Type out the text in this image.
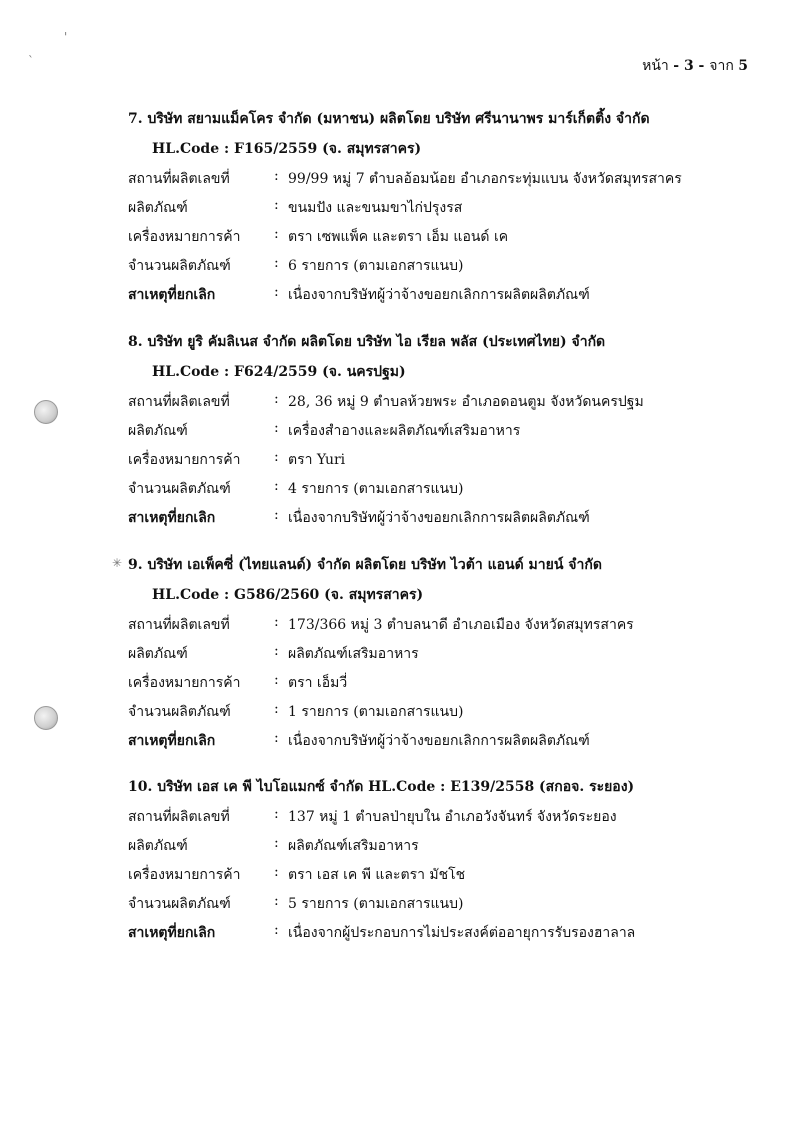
หน้า - 3 - จาก 5
'
`
✳
7. บริษัท สยามแม็คโคร จำกัด (มหาชน) ผลิตโดย บริษัท ศรีนานาพร มาร์เก็ตติ้ง จำกัด
HL.Code : F165/2559 (จ. สมุทรสาคร)
สถานที่ผลิตเลขที่	: 99/99 หมู่ 7 ตำบลอ้อมน้อย อำเภอกระทุ่มแบน จังหวัดสมุทรสาคร
ผลิตภัณฑ์	: ขนมปัง และขนมขาไก่ปรุงรส
เครื่องหมายการค้า : ตรา เซพแพ็ค และตรา เอ็ม แอนด์ เค
จำนวนผลิตภัณฑ์	: 6 รายการ (ตามเอกสารแนบ)
สาเหตุที่ยกเลิก	: เนื่องจากบริษัทผู้ว่าจ้างขอยกเลิกการผลิตผลิตภัณฑ์
8. บริษัท ยูริ คัมลิเนส จำกัด ผลิตโดย บริษัท ไอ เรียล พลัส (ประเทศไทย) จำกัด
HL.Code : F624/2559 (จ. นครปฐม)
สถานที่ผลิตเลขที่	: 28, 36 หมู่ 9 ตำบลห้วยพระ อำเภอดอนตูม จังหวัดนครปฐม
ผลิตภัณฑ์	: เครื่องสำอางและผลิตภัณฑ์เสริมอาหาร
เครื่องหมายการค้า : ตรา Yuri
จำนวนผลิตภัณฑ์	: 4 รายการ (ตามเอกสารแนบ)
สาเหตุที่ยกเลิก	: เนื่องจากบริษัทผู้ว่าจ้างขอยกเลิกการผลิตผลิตภัณฑ์
9. บริษัท เอเพ็คซี่ (ไทยแลนด์) จำกัด ผลิตโดย บริษัท ไวต้า แอนด์ มายน์ จำกัด
HL.Code : G586/2560 (จ. สมุทรสาคร)
สถานที่ผลิตเลขที่	: 173/366 หมู่ 3 ตำบลนาดี อำเภอเมือง จังหวัดสมุทรสาคร
ผลิตภัณฑ์	: ผลิตภัณฑ์เสริมอาหาร
เครื่องหมายการค้า : ตรา เอ็มวี่
จำนวนผลิตภัณฑ์	: 1 รายการ (ตามเอกสารแนบ)
สาเหตุที่ยกเลิก	: เนื่องจากบริษัทผู้ว่าจ้างขอยกเลิกการผลิตผลิตภัณฑ์
10. บริษัท เอส เค พี ไบโอแมกซ์ จำกัด HL.Code : E139/2558 (สกอจ. ระยอง)
สถานที่ผลิตเลขที่	: 137 หมู่ 1 ตำบลป่ายุบใน อำเภอวังจันทร์ จังหวัดระยอง
ผลิตภัณฑ์	: ผลิตภัณฑ์เสริมอาหาร
เครื่องหมายการค้า : ตรา เอส เค พี และตรา มัชโช
จำนวนผลิตภัณฑ์	: 5 รายการ (ตามเอกสารแนบ)
สาเหตุที่ยกเลิก	: เนื่องจากผู้ประกอบการไม่ประสงค์ต่ออายุการรับรองฮาลาล
